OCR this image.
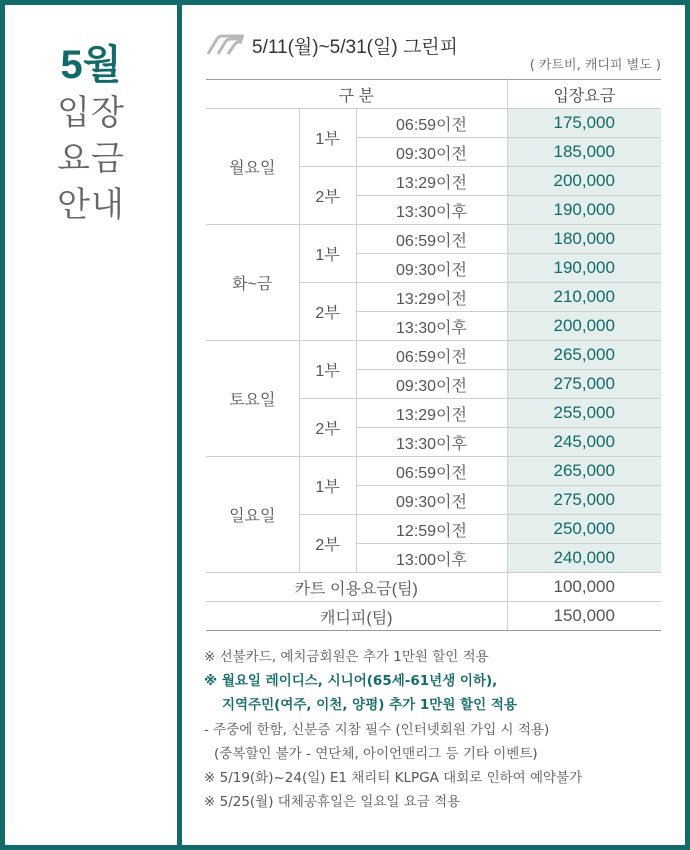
5월
입장
요금
안내
5/11(월)~5/31(일) 그린피
( 카트비, 캐디피 별도 )
구 분			입장요금
월요일	1부	06:59이전	175,000
		09:30이전	185,000
	2부	13:29이전	200,000
		13:30이후	190,000
화~금	1부	06:59이전	180,000
		09:30이전	190,000
	2부	13:29이전	210,000
		13:30이후	200,000
토요일	1부	06:59이전	265,000
		09:30이전	275,000
	2부	13:29이전	255,000
		13:30이후	245,000
일요일	1부	06:59이전	265,000
		09:30이전	275,000
	2부	12:59이전	250,000
		13:00이후	240,000
카트 이용요금(팀)			100,000
캐디피(팀)			150,000
※ 선불카드, 예치금회원은 추가 1만원 할인 적용
※ 월요일 레이디스, 시니어(65세-61년생 이하),
지역주민(여주, 이천, 양평) 추가 1만원 할인 적용
- 주중에 한함, 신분증 지참 필수 (인터넷회원 가입 시 적용)
(중복할인 불가 - 연단체, 아이언맨리그 등 기타 이벤트)
※ 5/19(화)~24(일) E1 채리티 KLPGA 대회로 인하여 예약불가
※ 5/25(월) 대체공휴일은 일요일 요금 적용
